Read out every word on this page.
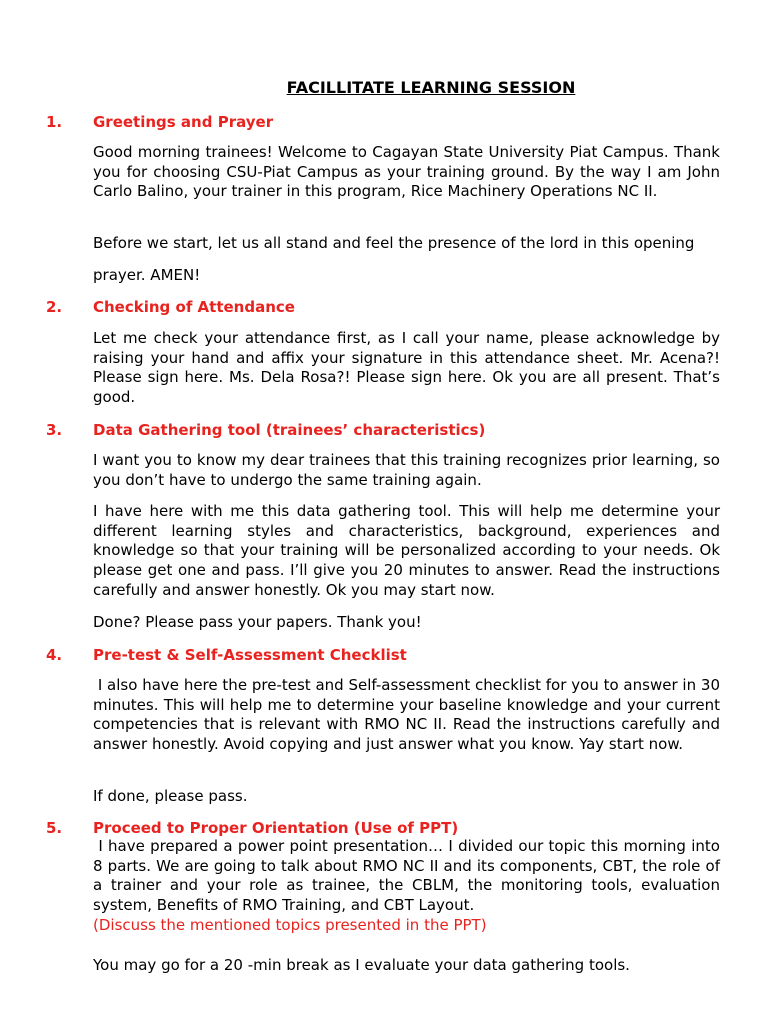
FACILLITATE LEARNING SESSION
1. Greetings and Prayer
Good morning trainees! Welcome to Cagayan State University Piat Campus. Thank you for choosing CSU-Piat Campus as your training ground. By the way I am John Carlo Balino, your trainer in this program, Rice Machinery Operations NC II.
Before we start, let us all stand and feel the presence of the lord in this opening
prayer. AMEN!
2. Checking of Attendance
Let me check your attendance first, as I call your name, please acknowledge by raising your hand and affix your signature in this attendance sheet. Mr. Acena?! Please sign here. Ms. Dela Rosa?! Please sign here. Ok you are all present. That’s good.
3. Data Gathering tool (trainees’ characteristics)
I want you to know my dear trainees that this training recognizes prior learning, so you don’t have to undergo the same training again.
I have here with me this data gathering tool. This will help me determine your different learning styles and characteristics, background, experiences and knowledge so that your training will be personalized according to your needs. Ok please get one and pass. I’ll give you 20 minutes to answer. Read the instructions carefully and answer honestly. Ok you may start now.
Done? Please pass your papers. Thank you!
4. Pre-test & Self-Assessment Checklist
I also have here the pre-test and Self-assessment checklist for you to answer in 30 minutes. This will help me to determine your baseline knowledge and your current competencies that is relevant with RMO NC II. Read the instructions carefully and answer honestly. Avoid copying and just answer what you know. Yay start now.
If done, please pass.
5. Proceed to Proper Orientation (Use of PPT)
I have prepared a power point presentation… I divided our topic this morning into 8 parts. We are going to talk about RMO NC II and its components, CBT, the role of a trainer and your role as trainee, the CBLM, the monitoring tools, evaluation system, Benefits of RMO Training, and CBT Layout.
(Discuss the mentioned topics presented in the PPT)
You may go for a 20 -min break as I evaluate your data gathering tools.
